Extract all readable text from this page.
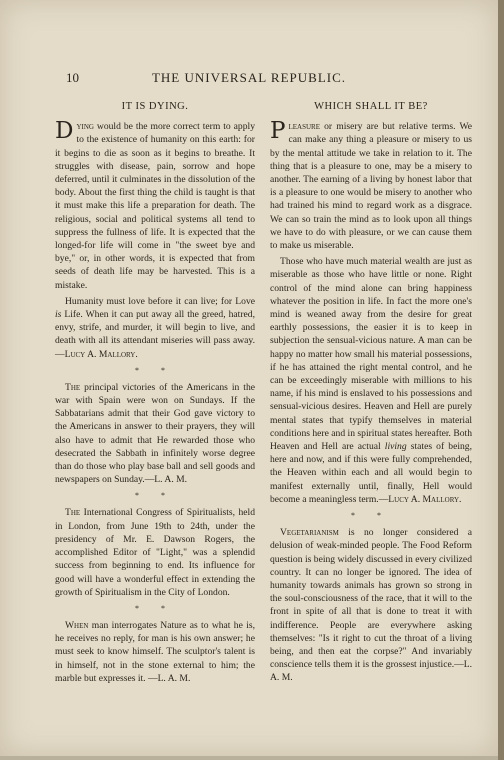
10	THE UNIVERSAL REPUBLIC.
IT IS DYING.

Dying would be the more correct term to apply to the existence of humanity on this earth: for it begins to die as soon as it begins to breathe. It struggles with disease, pain, sorrow and hope deferred, until it culminates in the dissolution of the body. About the first thing the child is taught is that it must make this life a preparation for death. The religious, social and political systems all tend to suppress the fullness of life. It is expected that the longed-for life will come in "the sweet bye and bye," or, in other words, it is expected that from seeds of death life may be harvested. This is a mistake.

Humanity must love before it can live; for Love is Life. When it can put away all the greed, hatred, envy, strife, and murder, it will begin to live, and death with all its attendant miseries will pass away.—Lucy A. Mallory.

* *

The principal victories of the Americans in the war with Spain were won on Sundays. If the Sabbatarians admit that their God gave victory to the Americans in answer to their prayers, they will also have to admit that He rewarded those who desecrated the Sabbath in infinitely worse degree than do those who play base ball and sell goods and newspapers on Sunday.—L. A. M.

* *

The International Congress of Spiritualists, held in London, from June 19th to 24th, under the presidency of Mr. E. Dawson Rogers, the accomplished Editor of "Light," was a splendid success from beginning to end. Its influence for good will have a wonderful effect in extending the growth of Spiritualism in the City of London.

* *

When man interrogates Nature as to what he is, he receives no reply, for man is his own answer; he must seek to know himself. The sculptor's talent is in himself, not in the stone external to him; the marble but expresses it. —L. A. M.

WHICH SHALL IT BE?

Pleasure or misery are but relative terms. We can make any thing a pleasure or misery to us by the mental attitude we take in relation to it. The thing that is a pleasure to one, may be a misery to another. The earning of a living by honest labor that is a pleasure to one would be misery to another who had trained his mind to regard work as a disgrace. We can so train the mind as to look upon all things we have to do with pleasure, or we can cause them to make us miserable.

Those who have much material wealth are just as miserable as those who have little or none. Right control of the mind alone can bring happiness whatever the position in life. In fact the more one's mind is weaned away from the desire for great earthly possessions, the easier it is to keep in subjection the sensual-vicious nature. A man can be happy no matter how small his material possessions, if he has attained the right mental control, and he can be exceedingly miserable with millions to his name, if his mind is enslaved to his possessions and sensual-vicious desires. Heaven and Hell are purely mental states that typify themselves in material conditions here and in spiritual states hereafter. Both Heaven and Hell are actual living states of being, here and now, and if this were fully comprehended, the Heaven within each and all would begin to manifest externally until, finally, Hell would become a meaningless term.—Lucy A. Mallory.

* *

Vegetarianism is no longer considered a delusion of weak-minded people. The Food Reform question is being widely discussed in every civilized country. It can no longer be ignored. The idea of humanity towards animals has grown so strong in the soul-consciousness of the race, that it will to the front in spite of all that is done to treat it with indifference. People are everywhere asking themselves: "Is it right to cut the throat of a living being, and then eat the corpse?" And invariably conscience tells them it is the grossest injustice.—L. A. M.
